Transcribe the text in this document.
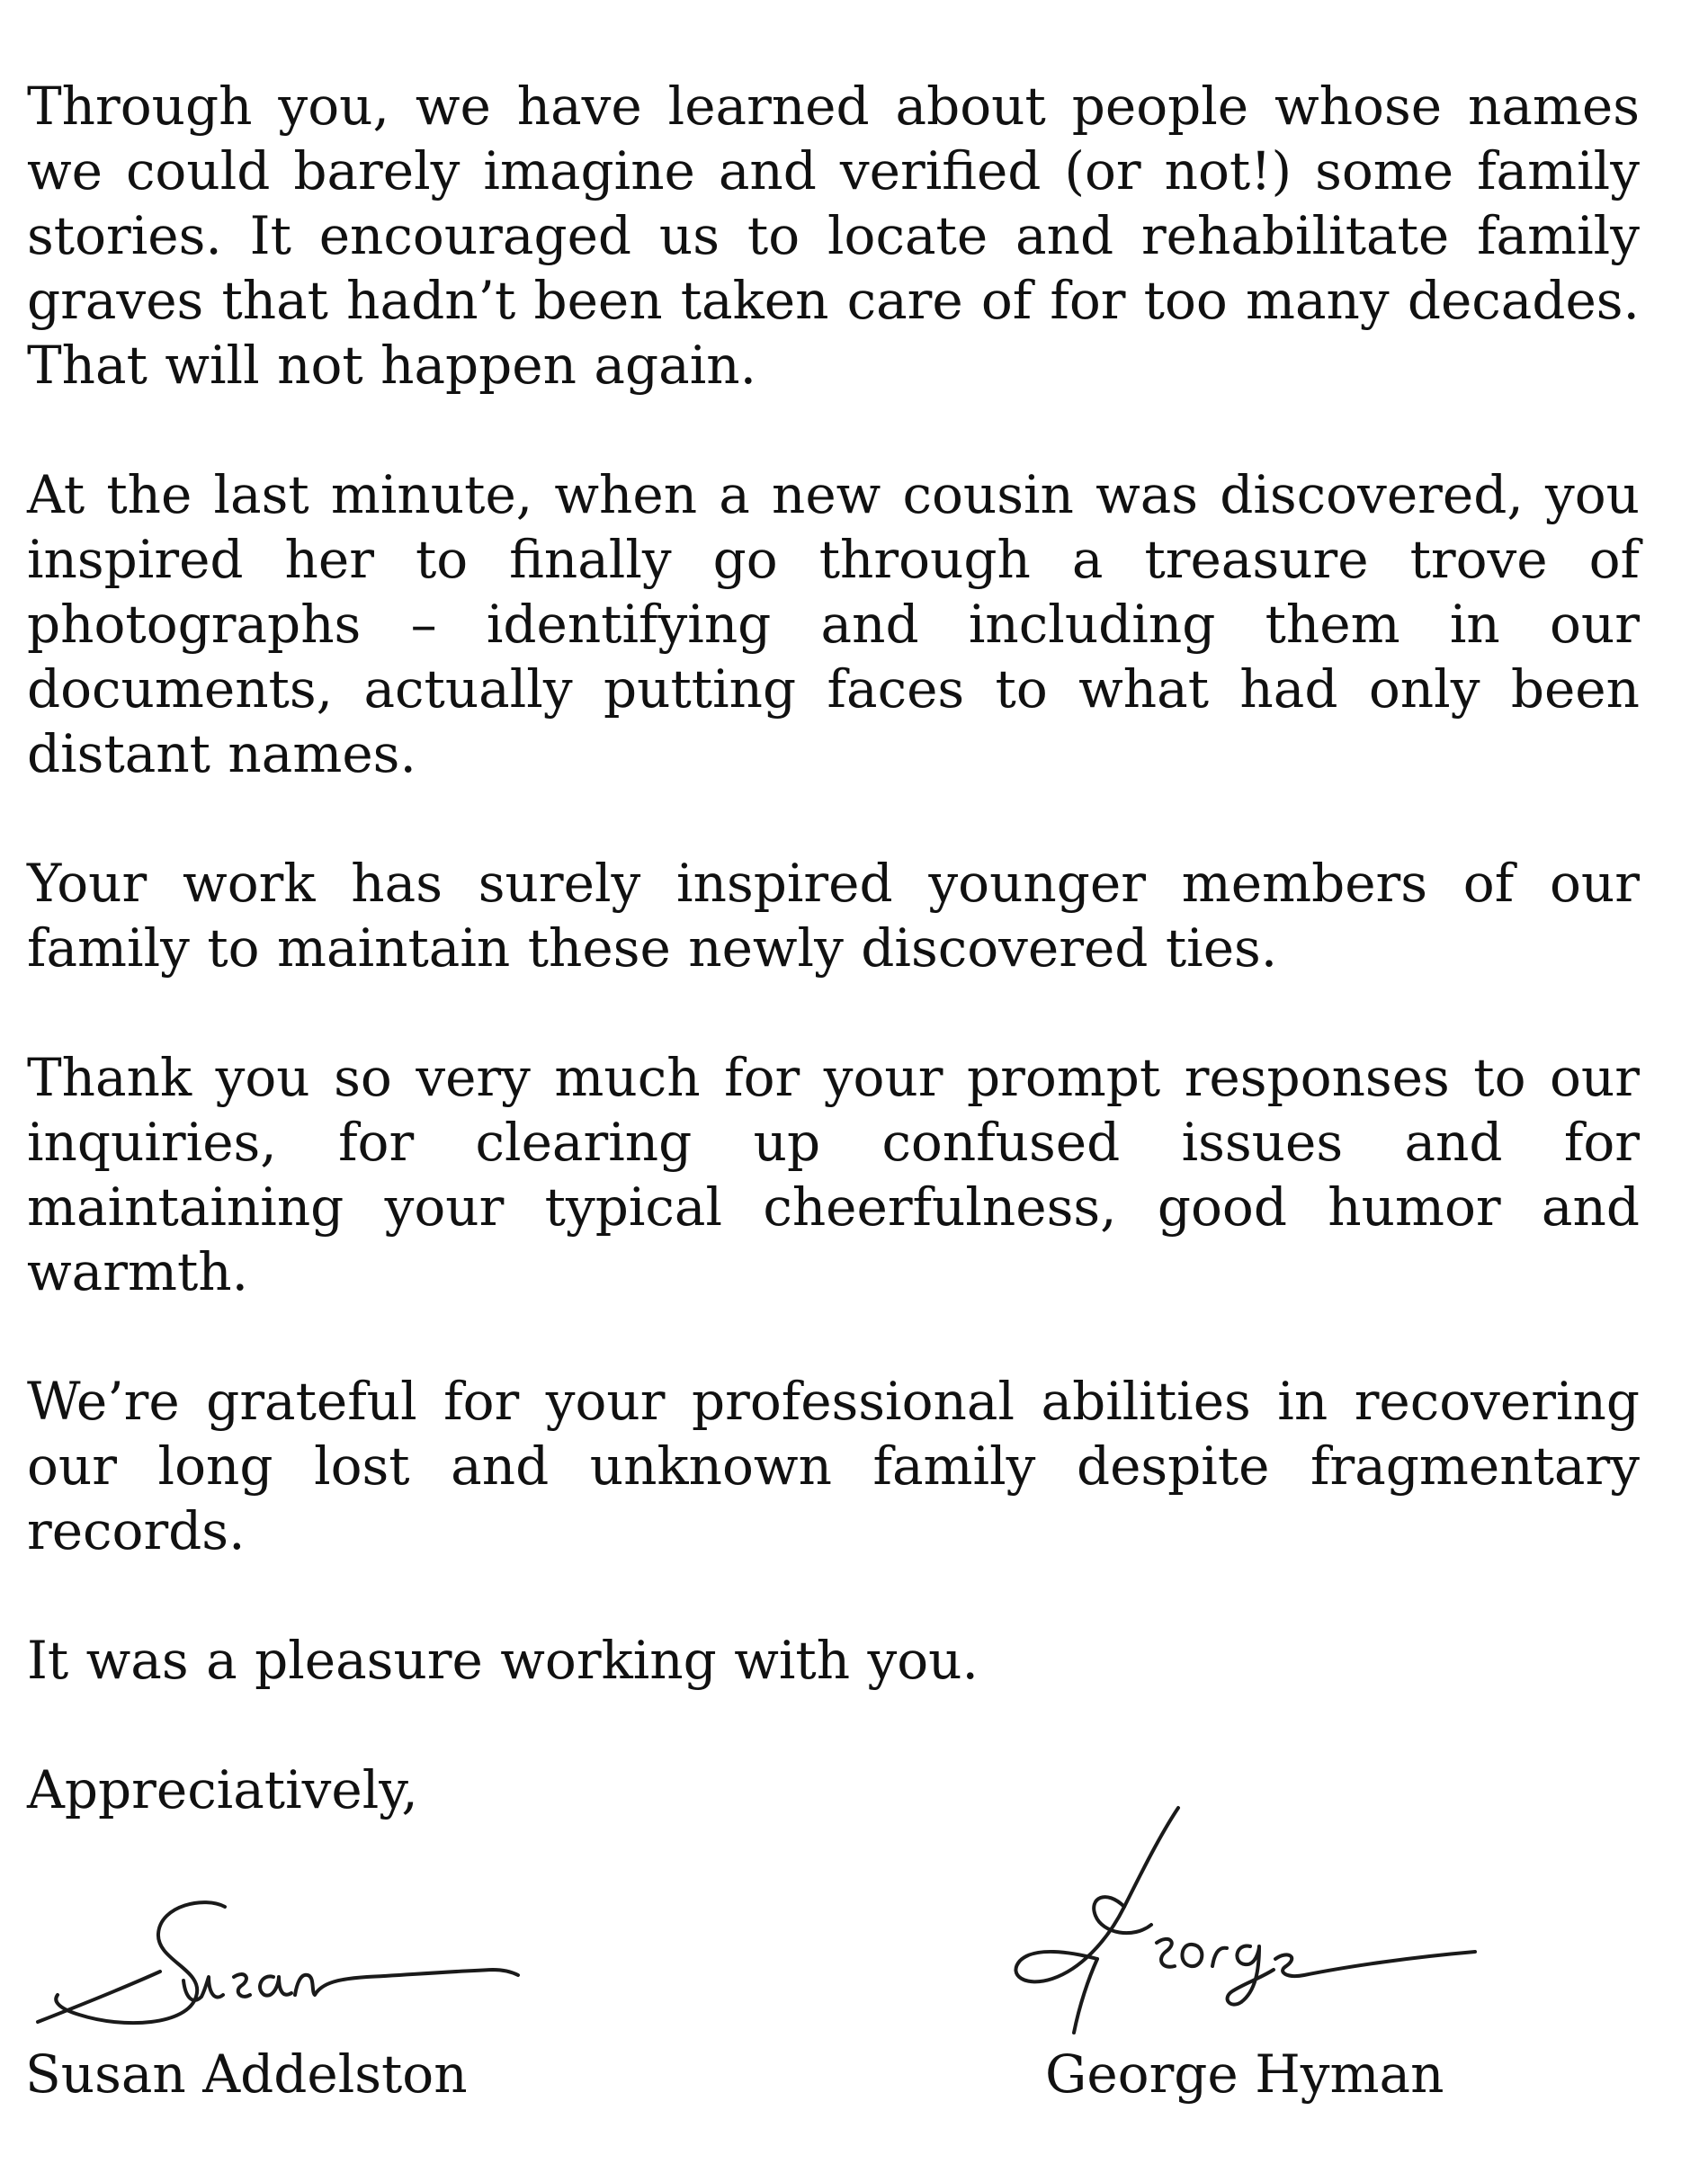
Through you, we have learned about people whose names we could barely imagine and verified (or not!) some family stories. It encouraged us to locate and rehabilitate family graves that hadn’t been taken care of for too many decades. That will not happen again.

At the last minute, when a new cousin was discovered, you inspired her to finally go through a treasure trove of photographs – identifying and including them in our documents, actually putting faces to what had only been distant names.

Your work has surely inspired younger members of our family to maintain these newly discovered ties.

Thank you so very much for your prompt responses to our inquiries, for clearing up confused issues and for maintaining your typical cheerfulness, good humor and warmth.

We’re grateful for your professional abilities in recovering our long lost and unknown family despite fragmentary records.

It was a pleasure working with you.

Appreciatively,

Susan Addelston	George Hyman
